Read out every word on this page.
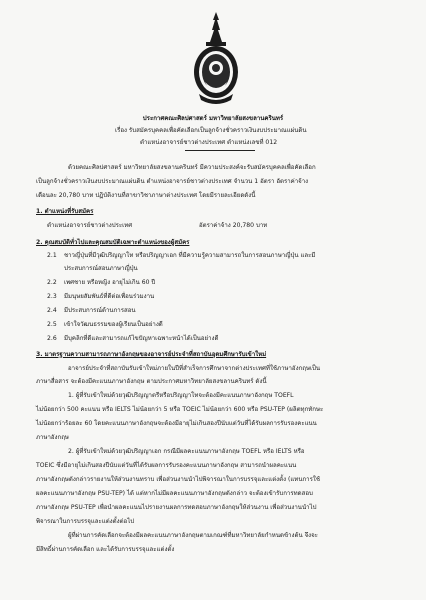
ประกาศคณะศิลปศาสตร์ มหาวิทยาลัยสงขลานครินทร์
เรื่อง รับสมัครบุคคลเพื่อคัดเลือกเป็นลูกจ้างชั่วคราวเงินงบประมาณแผ่นดิน
ตำแหน่งอาจารย์ชาวต่างประเทศ ตำแหน่งเลขที่ 012
ด้วยคณะศิลปศาสตร์ มหาวิทยาลัยสงขลานครินทร์ มีความประสงค์จะรับสมัครบุคคลเพื่อคัดเลือก
เป็นลูกจ้างชั่วคราวเงินงบประมาณแผ่นดิน ตำแหน่งอาจารย์ชาวต่างประเทศ จำนวน 1 อัตรา อัตราค่าจ้าง
เดือนละ 20,780 บาท ปฏิบัติงานที่สาขาวิชาภาษาต่างประเทศ โดยมีรายละเอียดดังนี้
1. ตำแหน่งที่รับสมัคร
ตำแหน่งอาจารย์ชาวต่างประเทศ	อัตราค่าจ้าง 20,780 บาท
2. คุณสมบัติทั่วไปและคุณสมบัติเฉพาะตำแหน่งของผู้สมัคร
2.1 ชาวญี่ปุ่นที่มีวุฒิปริญญาโท หรือปริญญาเอก ที่มีความรู้ความสามารถในการสอนภาษาญี่ปุ่น และมี
ประสบการณ์สอนภาษาญี่ปุ่น
2.2 เพศชาย หรือหญิง อายุไม่เกิน 60 ปี
2.3 มีมนุษยสัมพันธ์ที่ดีต่อเพื่อนร่วมงาน
2.4 มีประสบการณ์ด้านการสอน
2.5 เข้าใจวัฒนธรรมของผู้เรียนเป็นอย่างดี
2.6 มีบุคลิกที่ดีและสามารถแก้ไขปัญหาเฉพาะหน้าได้เป็นอย่างดี
3. มาตรฐานความสามารถภาษาอังกฤษของอาจารย์ประจำที่สถาบันอุดมศึกษารับเข้าใหม่
อาจารย์ประจำที่สถาบันรับเข้าใหม่ภายในปีที่สำเร็จการศึกษาจากต่างประเทศที่ใช้ภาษาอังกฤษเป็น
ภาษาสื่อสาร จะต้องมีคะแนนภาษาอังกฤษ ตามประกาศมหาวิทยาลัยสงขลานครินทร์ ดังนี้
1. ผู้ที่รับเข้าใหม่ด้วยวุฒิปริญญาตรีหรือปริญญาโทจะต้องมีคะแนนภาษาอังกฤษ TOEFL
ไม่น้อยกว่า 500 คะแนน หรือ IELTS ไม่น้อยกว่า 5 หรือ TOEIC ไม่น้อยกว่า 600 หรือ PSU-TEP (ผลิตทุกทักษะ
ไม่น้อยกว่าร้อยละ 60 โดยคะแนนภาษาอังกฤษจะต้องมีอายุไม่เกินสองปีนับแต่วันที่ได้รับผลการรับรองคะแนน
ภาษาอังกฤษ
2. ผู้ที่รับเข้าใหม่ด้วยวุฒิปริญญาเอก กรณีมีผลคะแนนภาษาอังกฤษ TOEFL หรือ IELTS หรือ
TOEIC ซึ่งมีอายุไม่เกินสองปีนับแต่วันที่ได้รับผลการรับรองคะแนนภาษาอังกฤษ สามารถนำผลคะแนน
ภาษาอังกฤษดังกล่าวรายงานให้ส่วนงานทราบ เพื่อส่วนงานนำไปพิจารณาในการบรรจุและแต่งตั้ง (แทนการใช้
ผลคะแนนภาษาอังกฤษ PSU-TEP) ได้ แต่หากไม่มีผลคะแนนภาษาอังกฤษดังกล่าว จะต้องเข้ารับการทดสอบ
ภาษาอังกฤษ PSU-TEP เพื่อนำผลคะแนนไปรายงานผลการทดสอบภาษาอังกฤษให้ส่วนงาน เพื่อส่วนงานนำไป
พิจารณาในการบรรจุและแต่งตั้งต่อไป
ผู้ที่ผ่านการคัดเลือกจะต้องมีผลคะแนนภาษาอังกฤษตามเกณฑ์ที่มหาวิทยาลัยกำหนดข้างต้น จึงจะ
มีสิทธิ์ผ่านการคัดเลือก และได้รับการบรรจุและแต่งตั้ง
